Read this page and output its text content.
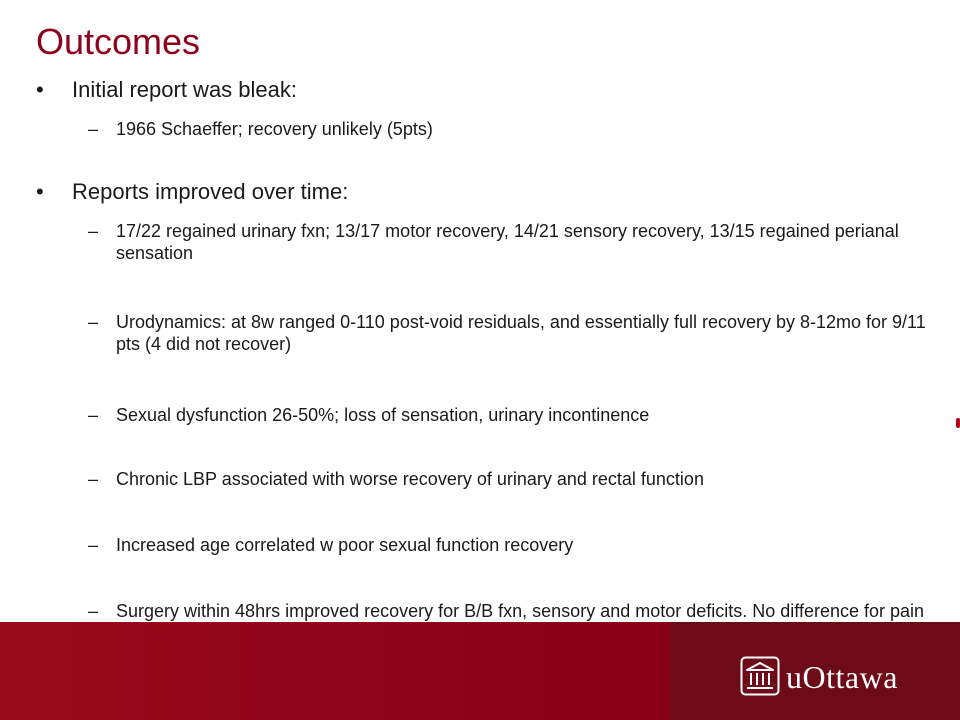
Outcomes
•	Initial report was bleak:
– 1966 Schaeffer; recovery unlikely (5pts)
•	Reports improved over time:
– 17/22 regained urinary fxn; 13/17 motor recovery, 14/21 sensory recovery, 13/15 regained perianal sensation
– Urodynamics: at 8w ranged 0-110 post-void residuals, and essentially full recovery by 8-12mo for 9/11 pts (4 did not recover)
– Sexual dysfunction 26-50%; loss of sensation, urinary incontinence
– Chronic LBP associated with worse recovery of urinary and rectal function
– Increased age correlated w poor sexual function recovery
– Surgery within 48hrs improved recovery for B/B fxn, sensory and motor deficits. No difference for pain
uOttawa
